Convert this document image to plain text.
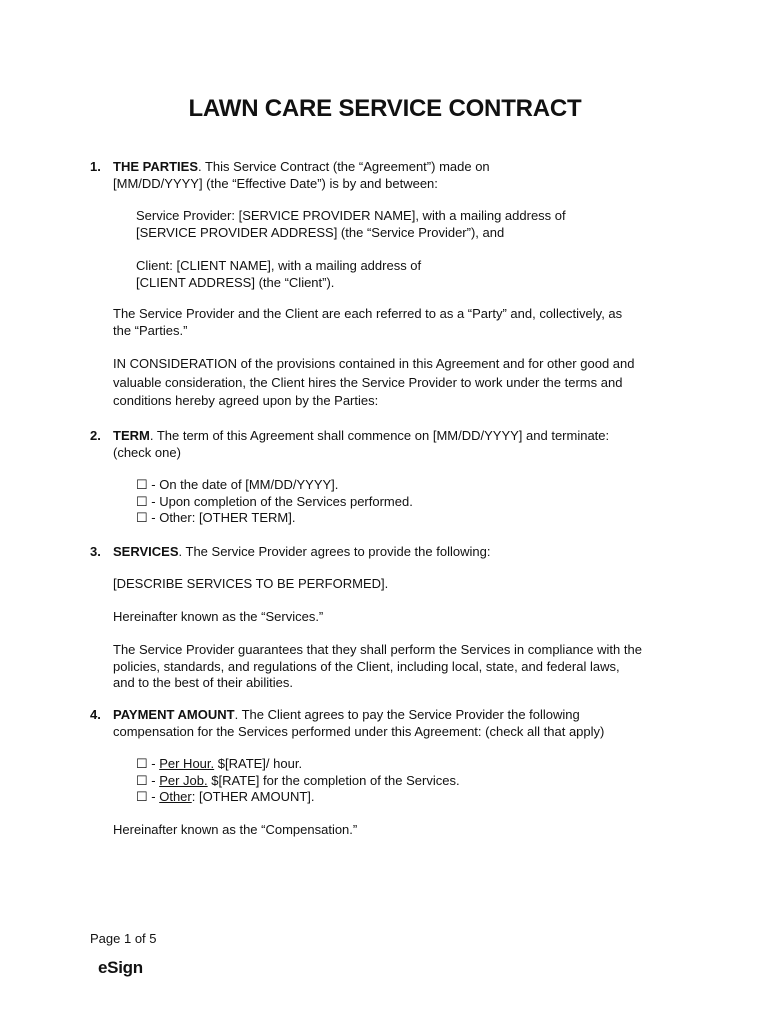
LAWN CARE SERVICE CONTRACT
1. THE PARTIES. This Service Contract (the “Agreement”) made on
[MM/DD/YYYY] (the “Effective Date”) is by and between:
Service Provider: [SERVICE PROVIDER NAME], with a mailing address of
[SERVICE PROVIDER ADDRESS] (the “Service Provider”), and
Client: [CLIENT NAME], with a mailing address of
[CLIENT ADDRESS] (the “Client”).
The Service Provider and the Client are each referred to as a “Party” and, collectively, as
the “Parties.”
IN CONSIDERATION of the provisions contained in this Agreement and for other good and
valuable consideration, the Client hires the Service Provider to work under the terms and
conditions hereby agreed upon by the Parties:
2. TERM. The term of this Agreement shall commence on [MM/DD/YYYY] and terminate:
(check one)
☐ - On the date of [MM/DD/YYYY].
☐ - Upon completion of the Services performed.
☐ - Other: [OTHER TERM].
3. SERVICES. The Service Provider agrees to provide the following:
[DESCRIBE SERVICES TO BE PERFORMED].
Hereinafter known as the “Services.”
The Service Provider guarantees that they shall perform the Services in compliance with the
policies, standards, and regulations of the Client, including local, state, and federal laws,
and to the best of their abilities.
4. PAYMENT AMOUNT. The Client agrees to pay the Service Provider the following
compensation for the Services performed under this Agreement: (check all that apply)
☐ - Per Hour. $[RATE]/ hour.
☐ - Per Job. $[RATE] for the completion of the Services.
☐ - Other: [OTHER AMOUNT].
Hereinafter known as the “Compensation.”
Page 1 of 5
eSign
